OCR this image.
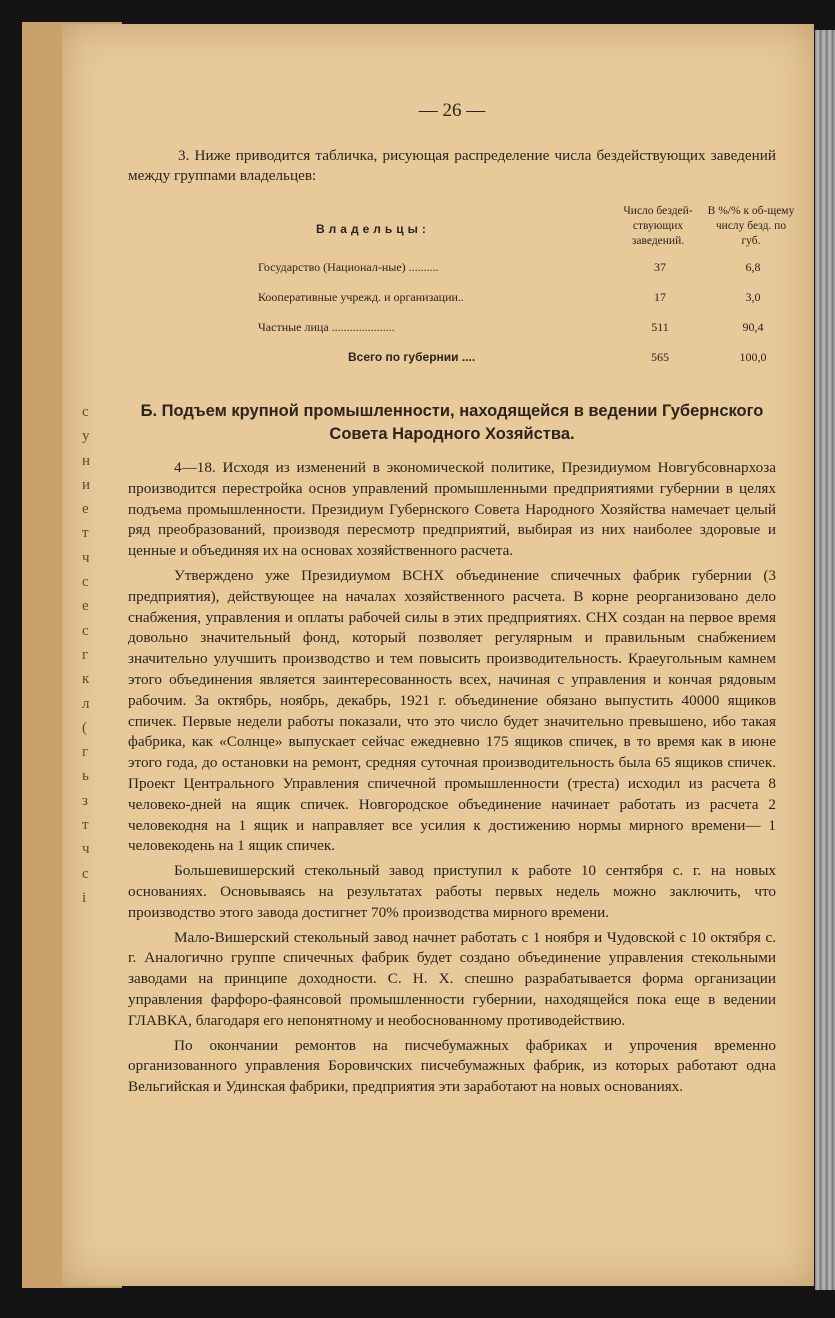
с
у
н
и
е
т
ч
с
е
с
г
к
л
(
г
ь
з
т
ч
с
і
— 26 —
3. Ниже приводится табличка, рисующая распределение числа бездействующих заведений между группами владельцев:
Владельцы:
Число бездей-ствующих заведений.
В %/% к об-щему числу безд. по губ.
Государство (Национал-ные) ..........	37	6,8
Кооперативные учрежд. и организации..	17	3,0
Частные лица .....................	511	90,4
Всего по губернии ....	565	100,0
Б. Подъем крупной промышленности, находящейся в ведении Губернского Совета Народного Хозяйства.

4—18. Исходя из изменений в экономической политике, Президиумом Новгубсовнархоза производится перестройка основ управлений промышленными предприятиями губернии в целях подъема промышленности. Президиум Губернского Совета Народного Хозяйства намечает целый ряд преобразований, производя пересмотр предприятий, выбирая из них наиболее здоровые и ценные и объединяя их на основах хозяйственного расчета.

Утверждено уже Президиумом ВСНХ объединение спичечных фабрик губернии (3 предприятия), действующее на началах хозяйственного расчета. В корне реорганизовано дело снабжения, управления и оплаты рабочей силы в этих предприятиях. СНХ создан на первое время довольно значительный фонд, который позволяет регулярным и правильным снабжением значительно улучшить производство и тем повысить производительность. Краеугольным камнем этого объединения является заинтересованность всех, начиная с управления и кончая рядовым рабочим. За октябрь, ноябрь, декабрь, 1921 г. объединение обязано выпустить 40000 ящиков спичек. Первые недели работы показали, что это число будет значительно превышено, ибо такая фабрика, как «Солнце» выпускает сейчас ежедневно 175 ящиков спичек, в то время как в июне этого года, до остановки на ремонт, средняя суточная производительность была 65 ящиков спичек. Проект Центрального Управления спичечной промышленности (треста) исходил из расчета 8 человеко-дней на ящик спичек. Новгородское объединение начинает работать из расчета 2 человекодня на 1 ящик и направляет все усилия к достижению нормы мирного времени— 1 человекодень на 1 ящик спичек.

Большевишерский стекольный завод приступил к работе 10 сентября с. г. на новых основаниях. Основываясь на результатах работы первых недель можно заключить, что производство этого завода достигнет 70% производства мирного времени.

Мало-Вишерский стекольный завод начнет работать с 1 ноября и Чудовской с 10 октября с. г. Аналогично группе спичечных фабрик будет создано объединение управления стекольными заводами на принципе доходности. С. Н. Х. спешно разрабатывается форма организации управления фарфоро-фаянсовой промышленности губернии, находящейся пока еще в ведении ГЛАВКА, благодаря его непонятному и необоснованному противодействию.

По окончании ремонтов на писчебумажных фабриках и упрочения временно организованного управления Боровичских писчебумажных фабрик, из которых работают одна Вельгийская и Удинская фабрики, предприятия эти заработают на новых основаниях.
